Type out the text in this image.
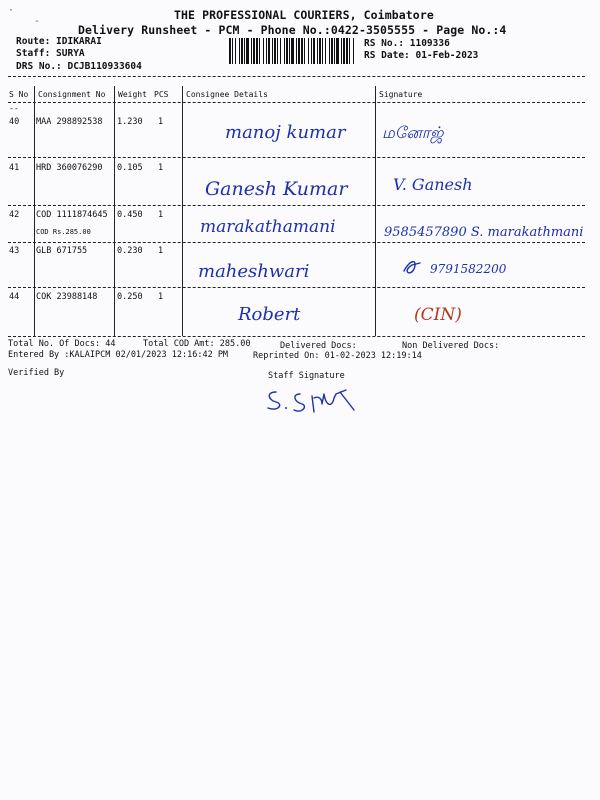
·
-	THE PROFESSIONAL COURIERS, Coimbatore
Delivery Runsheet - PCM - Phone No.:0422-3505555 - Page No.:4
Route: IDIKARAI
Staff: SURYA
DRS No.: DCJB110933604
RS No.: 1109336
RS Date: 01-Feb-2023
S No Consignment No Weight PCS Consignee Details	Signature
--
40 MAA 298892538 1.230 1	manoj kumar மனோஜ்
41 HRD 360076290 0.105 1
Ganesh Kumar	V. Ganesh
42 COD 1111874645 0.450 1
COD Rs.285.00	marakathamani	9585457890 S. marakathmani
43 GLB 671755	0.230 1
maheshwari	9791582200
44 COK 23988148 0.250 1
Robert	(CIN)
Total No. Of Docs: 44	Total COD Amt: 285.00	Delivered Docs:	Non Delivered Docs:
Entered By :KALAIPCM 02/01/2023 12:16:42 PM	Reprinted On: 01-02-2023 12:19:14
Verified By	Staff Signature
